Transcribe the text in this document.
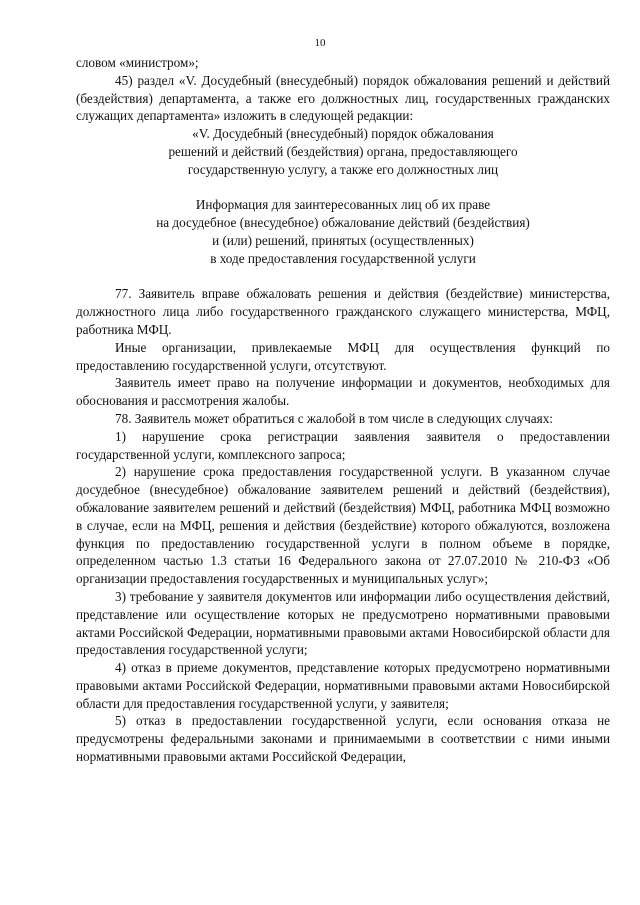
10

словом «министром»;

45) раздел «V. Досудебный (внесудебный) порядок обжалования решений и действий (бездействия) департамента, а также его должностных лиц, государственных гражданских служащих департамента» изложить в следующей редакции:

«V. Досудебный (внесудебный) порядок обжалования

решений и действий (бездействия) органа, предоставляющего

государственную услугу, а также его должностных лиц

Информация для заинтересованных лиц об их праве

на досудебное (внесудебное) обжалование действий (бездействия)

и (или) решений, принятых (осуществленных)

в ходе предоставления государственной услуги

77. Заявитель вправе обжаловать решения и действия (бездействие) министерства, должностного лица либо государственного гражданского служащего министерства, МФЦ, работника МФЦ.

Иные организации, привлекаемые МФЦ для осуществления функций по предоставлению государственной услуги, отсутствуют.

Заявитель имеет право на получение информации и документов, необходимых для обоснования и рассмотрения жалобы.

78. Заявитель может обратиться с жалобой в том числе в следующих случаях:

1) нарушение срока регистрации заявления заявителя о предоставлении государственной услуги, комплексного запроса;

2) нарушение срока предоставления государственной услуги. В указанном случае досудебное (внесудебное) обжалование заявителем решений и действий (бездействия), обжалование заявителем решений и действий (бездействия) МФЦ, работника МФЦ возможно в случае, если на МФЦ, решения и действия (бездействие) которого обжалуются, возложена функция по предоставлению государственной услуги в полном объеме в порядке, определенном частью 1.3 статьи 16 Федерального закона от 27.07.2010 № 210-ФЗ «Об организации предоставления государственных и муниципальных услуг»;

3) требование у заявителя документов или информации либо осуществления действий, представление или осуществление которых не предусмотрено нормативными правовыми актами Российской Федерации, нормативными правовыми актами Новосибирской области для предоставления государственной услуги;

4) отказ в приеме документов, представление которых предусмотрено нормативными правовыми актами Российской Федерации, нормативными правовыми актами Новосибирской области для предоставления государственной услуги, у заявителя;

5) отказ в предоставлении государственной услуги, если основания отказа не предусмотрены федеральными законами и принимаемыми в соответствии с ними иными нормативными правовыми актами Российской Федерации,
